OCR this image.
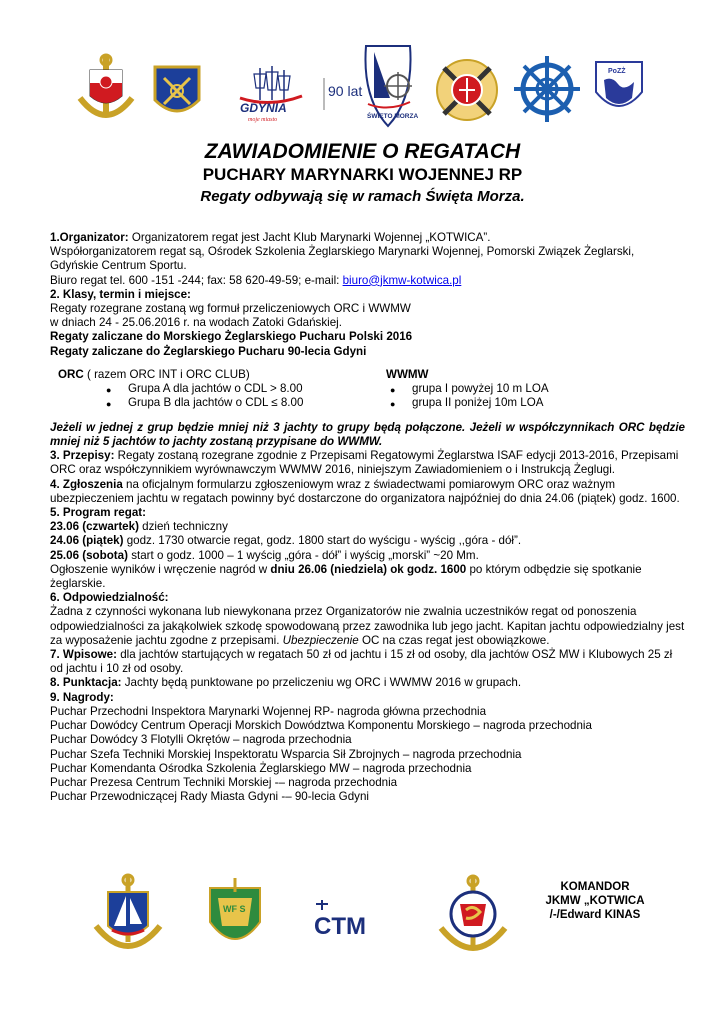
GDYNIA
moje miasto
90 lat
ŚWIĘTO MORZA
PoZŻ
ZAWIADOMIENIE O REGATACH
PUCHARY MARYNARKI WOJENNEJ RP
Regaty odbywają się w ramach Święta Morza.

1.Organizator: Organizatorem regat jest Jacht Klub Marynarki Wojennej „KOTWICA”.

Współorganizatorem regat są, Ośrodek Szkolenia Żeglarskiego Marynarki Wojennej, Pomorski Związek Żeglarski, Gdyńskie Centrum Sportu.

Biuro regat tel. 600 -151 -244; fax: 58 620-49-59; e-mail: biuro@jkmw-kotwica.pl

2. Klasy, termin i miejsce:

Regaty rozegrane zostaną wg formuł przeliczeniowych ORC i WWMW

w dniach 24 - 25.06.2016 r. na wodach Zatoki Gdańskiej.

Regaty zaliczane do Morskiego Żeglarskiego Pucharu Polski 2016

Regaty zaliczane do Żeglarskiego Pucharu 90-lecia Gdyni

ORC ( razem ORC INT i ORC CLUB)

● Grupa A dla jachtów o CDL > 8.00
● Grupa B dla jachtów o CDL ≤ 8.00

WWMW

● grupa I powyżej 10 m LOA
● grupa II poniżej 10m LOA

Jeżeli w jednej z grup będzie mniej niż 3 jachty to grupy będą połączone. Jeżeli w współczynnikach ORC będzie mniej niż 5 jachtów to jachty zostaną przypisane do WWMW.

3. Przepisy: Regaty zostaną rozegrane zgodnie z Przepisami Regatowymi Żeglarstwa ISAF edycji 2013-2016, Przepisami ORC oraz współczynnikiem wyrównawczym WWMW 2016, niniejszym Zawiadomieniem o i Instrukcją Żeglugi.

4. Zgłoszenia na oficjalnym formularzu zgłoszeniowym wraz z świadectwami pomiarowym ORC oraz ważnym ubezpieczeniem jachtu w regatach powinny być dostarczone do organizatora najpóźniej do dnia 24.06 (piątek) godz. 1600.

5. Program regat:

23.06 (czwartek) dzień techniczny

24.06 (piątek) godz. 1730 otwarcie regat, godz. 1800 start do wyścigu - wyścig ,,góra - dół”.

25.06 (sobota) start o godz. 1000 – 1 wyścig „góra - dół” i wyścig „morski” ~20 Mm.

Ogłoszenie wyników i wręczenie nagród w dniu 26.06 (niedziela) ok godz. 1600 po którym odbędzie się spotkanie żeglarskie.

6. Odpowiedzialność:

Żadna z czynności wykonana lub niewykonana przez Organizatorów nie zwalnia uczestników regat od ponoszenia odpowiedzialności za jakąkolwiek szkodę spowodowaną przez zawodnika lub jego jacht. Kapitan jachtu odpowiedzialny jest za wyposażenie jachtu zgodne z przepisami. Ubezpieczenie OC na czas regat jest obowiązkowe.

7. Wpisowe: dla jachtów startujących w regatach 50 zł od jachtu i 15 zł od osoby, dla jachtów OSŻ MW i Klubowych 25 zł od jachtu i 10 zł od osoby.

8. Punktacja: Jachty będą punktowane po przeliczeniu wg ORC i WWMW 2016 w grupach.

9. Nagrody:

Puchar Przechodni Inspektora Marynarki Wojennej RP- nagroda główna przechodnia

Puchar Dowódcy Centrum Operacji Morskich Dowództwa Komponentu Morskiego – nagroda przechodnia

Puchar Dowódcy 3 Flotylli Okrętów – nagroda przechodnia

Puchar Szefa Techniki Morskiej Inspektoratu Wsparcia Sił Zbrojnych – nagroda przechodnia

Puchar Komendanta Ośrodka Szkolenia Żeglarskiego MW – nagroda przechodnia

Puchar Prezesa Centrum Techniki Morskiej -– nagroda przechodnia

Puchar Przewodniczącej Rady Miasta Gdyni -– 90-lecia Gdyni

WF S
CTM
KOMANDOR
JKMW „KOTWICA
/-/Edward KINAS
